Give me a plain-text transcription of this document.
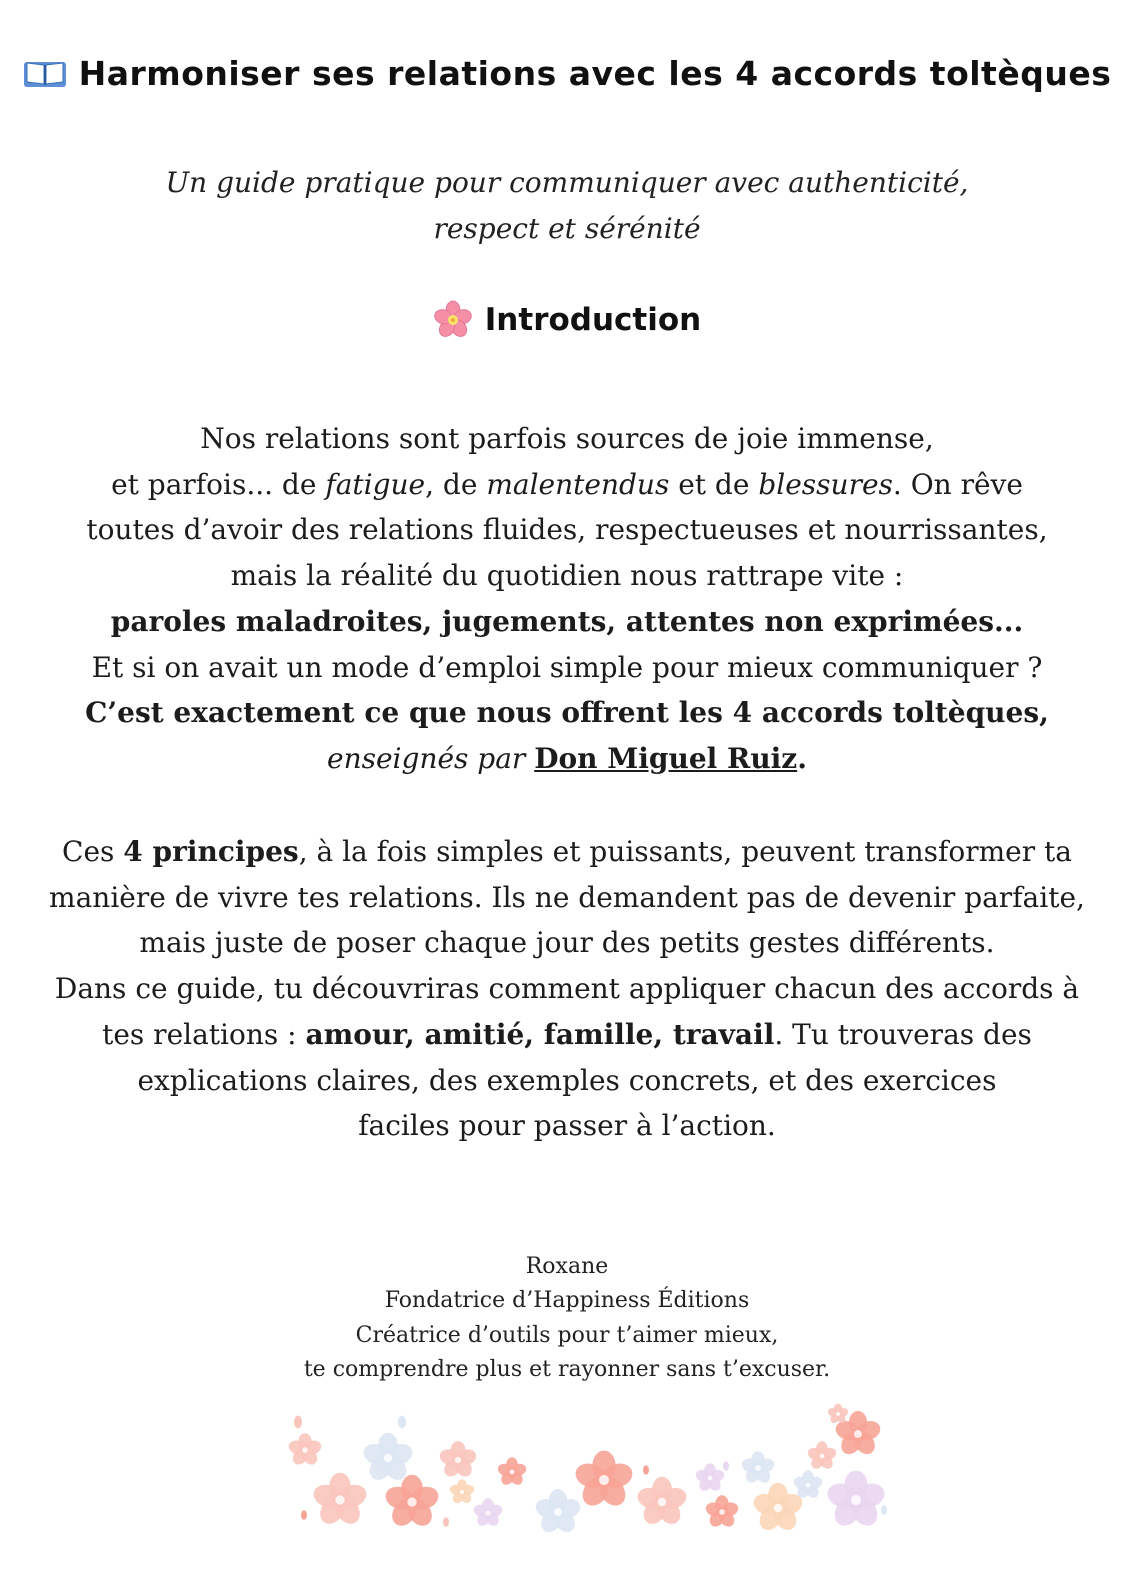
Harmoniser ses relations avec les 4 accords toltèques
Un guide pratique pour communiquer avec authenticité,
respect et sérénité
Introduction
Nos relations sont parfois sources de joie immense,
et parfois... de fatigue, de malentendus et de blessures. On rêve
toutes d’avoir des relations fluides, respectueuses et nourrissantes,
mais la réalité du quotidien nous rattrape vite :
paroles maladroites, jugements, attentes non exprimées...
Et si on avait un mode d’emploi simple pour mieux communiquer ?
C’est exactement ce que nous offrent les 4 accords toltèques,
enseignés par Don Miguel Ruiz.
Ces 4 principes, à la fois simples et puissants, peuvent transformer ta
manière de vivre tes relations. Ils ne demandent pas de devenir parfaite,
mais juste de poser chaque jour des petits gestes différents.
Dans ce guide, tu découvriras comment appliquer chacun des accords à
tes relations : amour, amitié, famille, travail. Tu trouveras des
explications claires, des exemples concrets, et des exercices
faciles pour passer à l’action.
Roxane
Fondatrice d’Happiness Éditions
Créatrice d’outils pour t’aimer mieux,
te comprendre plus et rayonner sans t’excuser.
